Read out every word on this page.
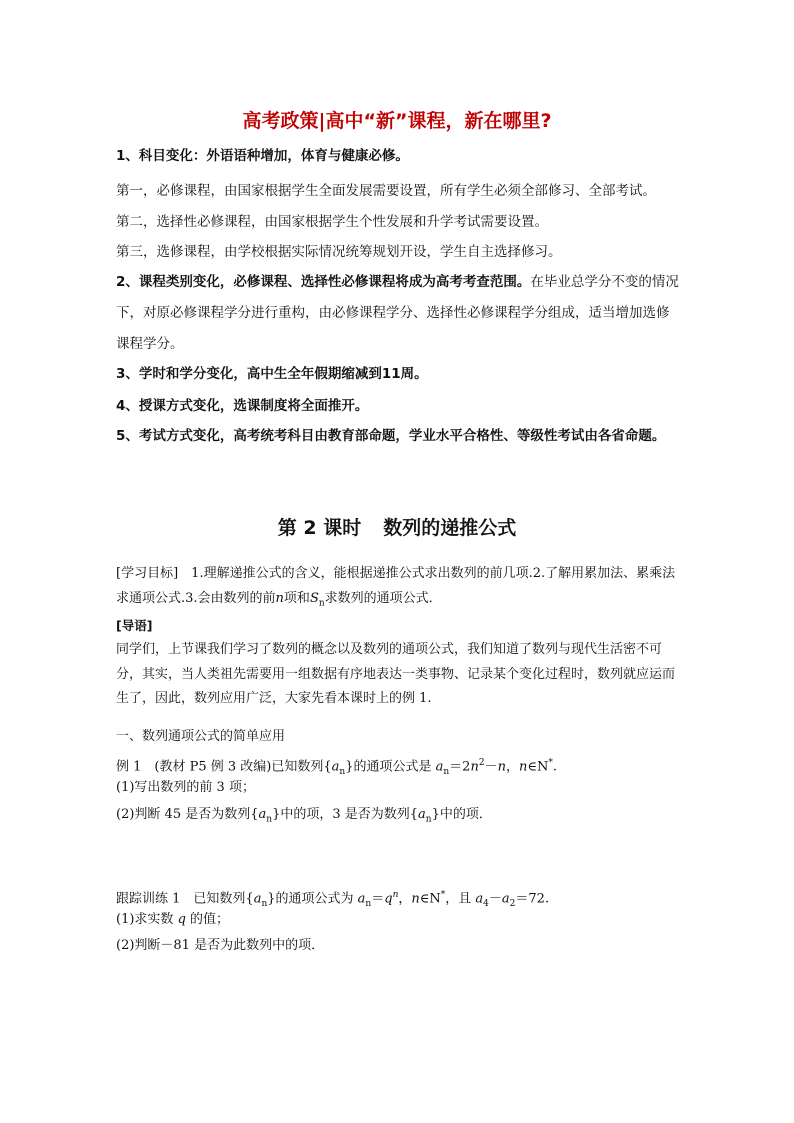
高考政策|高中“新”课程，新在哪里?

1、科目变化：外语语种增加，体育与健康必修。

第一，必修课程，由国家根据学生全面发展需要设置，所有学生必须全部修习、全部考试。

第二，选择性必修课程，由国家根据学生个性发展和升学考试需要设置。

第三，选修课程，由学校根据实际情况统筹规划开设，学生自主选择修习。

2、课程类别变化，必修课程、选择性必修课程将成为高考考查范围。在毕业总学分不变的情况下，对原必修课程学分进行重构，由必修课程学分、选择性必修课程学分组成，适当增加选修课程学分。

3、学时和学分变化，高中生全年假期缩减到11周。

4、授课方式变化，选课制度将全面推开。

5、考试方式变化，高考统考科目由教育部命题，学业水平合格性、等级性考试由各省命题。

第 2 课时 数列的递推公式

[学习目标]　 1.理解递推公式的含义，能根据递推公式求出数列的前几项.2.了解用累加法、累乘法求通项公式.3.会由数列的前n项和$S_n$求数列的通项公式．

[导语]

同学们，上节课我们学习了数列的概念以及数列的通项公式，我们知道了数列与现代生活密不可分，其实，当人类祖先需要用一组数据有序地表达一类事物、记录某个变化过程时，数列就应运而生了，因此，数列应用广泛，大家先看本课时上的例 1.

一、数列通项公式的简单应用

例 1　(教材 P5 例 3 改编)已知数列$\{a_n\}$的通项公式是 $a_n=2n^2-n$，n∈N*.

(1)写出数列的前 3 项；

(2)判断 45 是否为数列$\{a_n\}$中的项，3 是否为数列$\{a_n\}$中的项．

跟踪训练 1　已知数列$\{a_n\}$的通项公式为 $a_n=q^n$，n∈N*，且 $a_4-a_2=72$.

(1)求实数 q 的值；

(2)判断－81 是否为此数列中的项．
